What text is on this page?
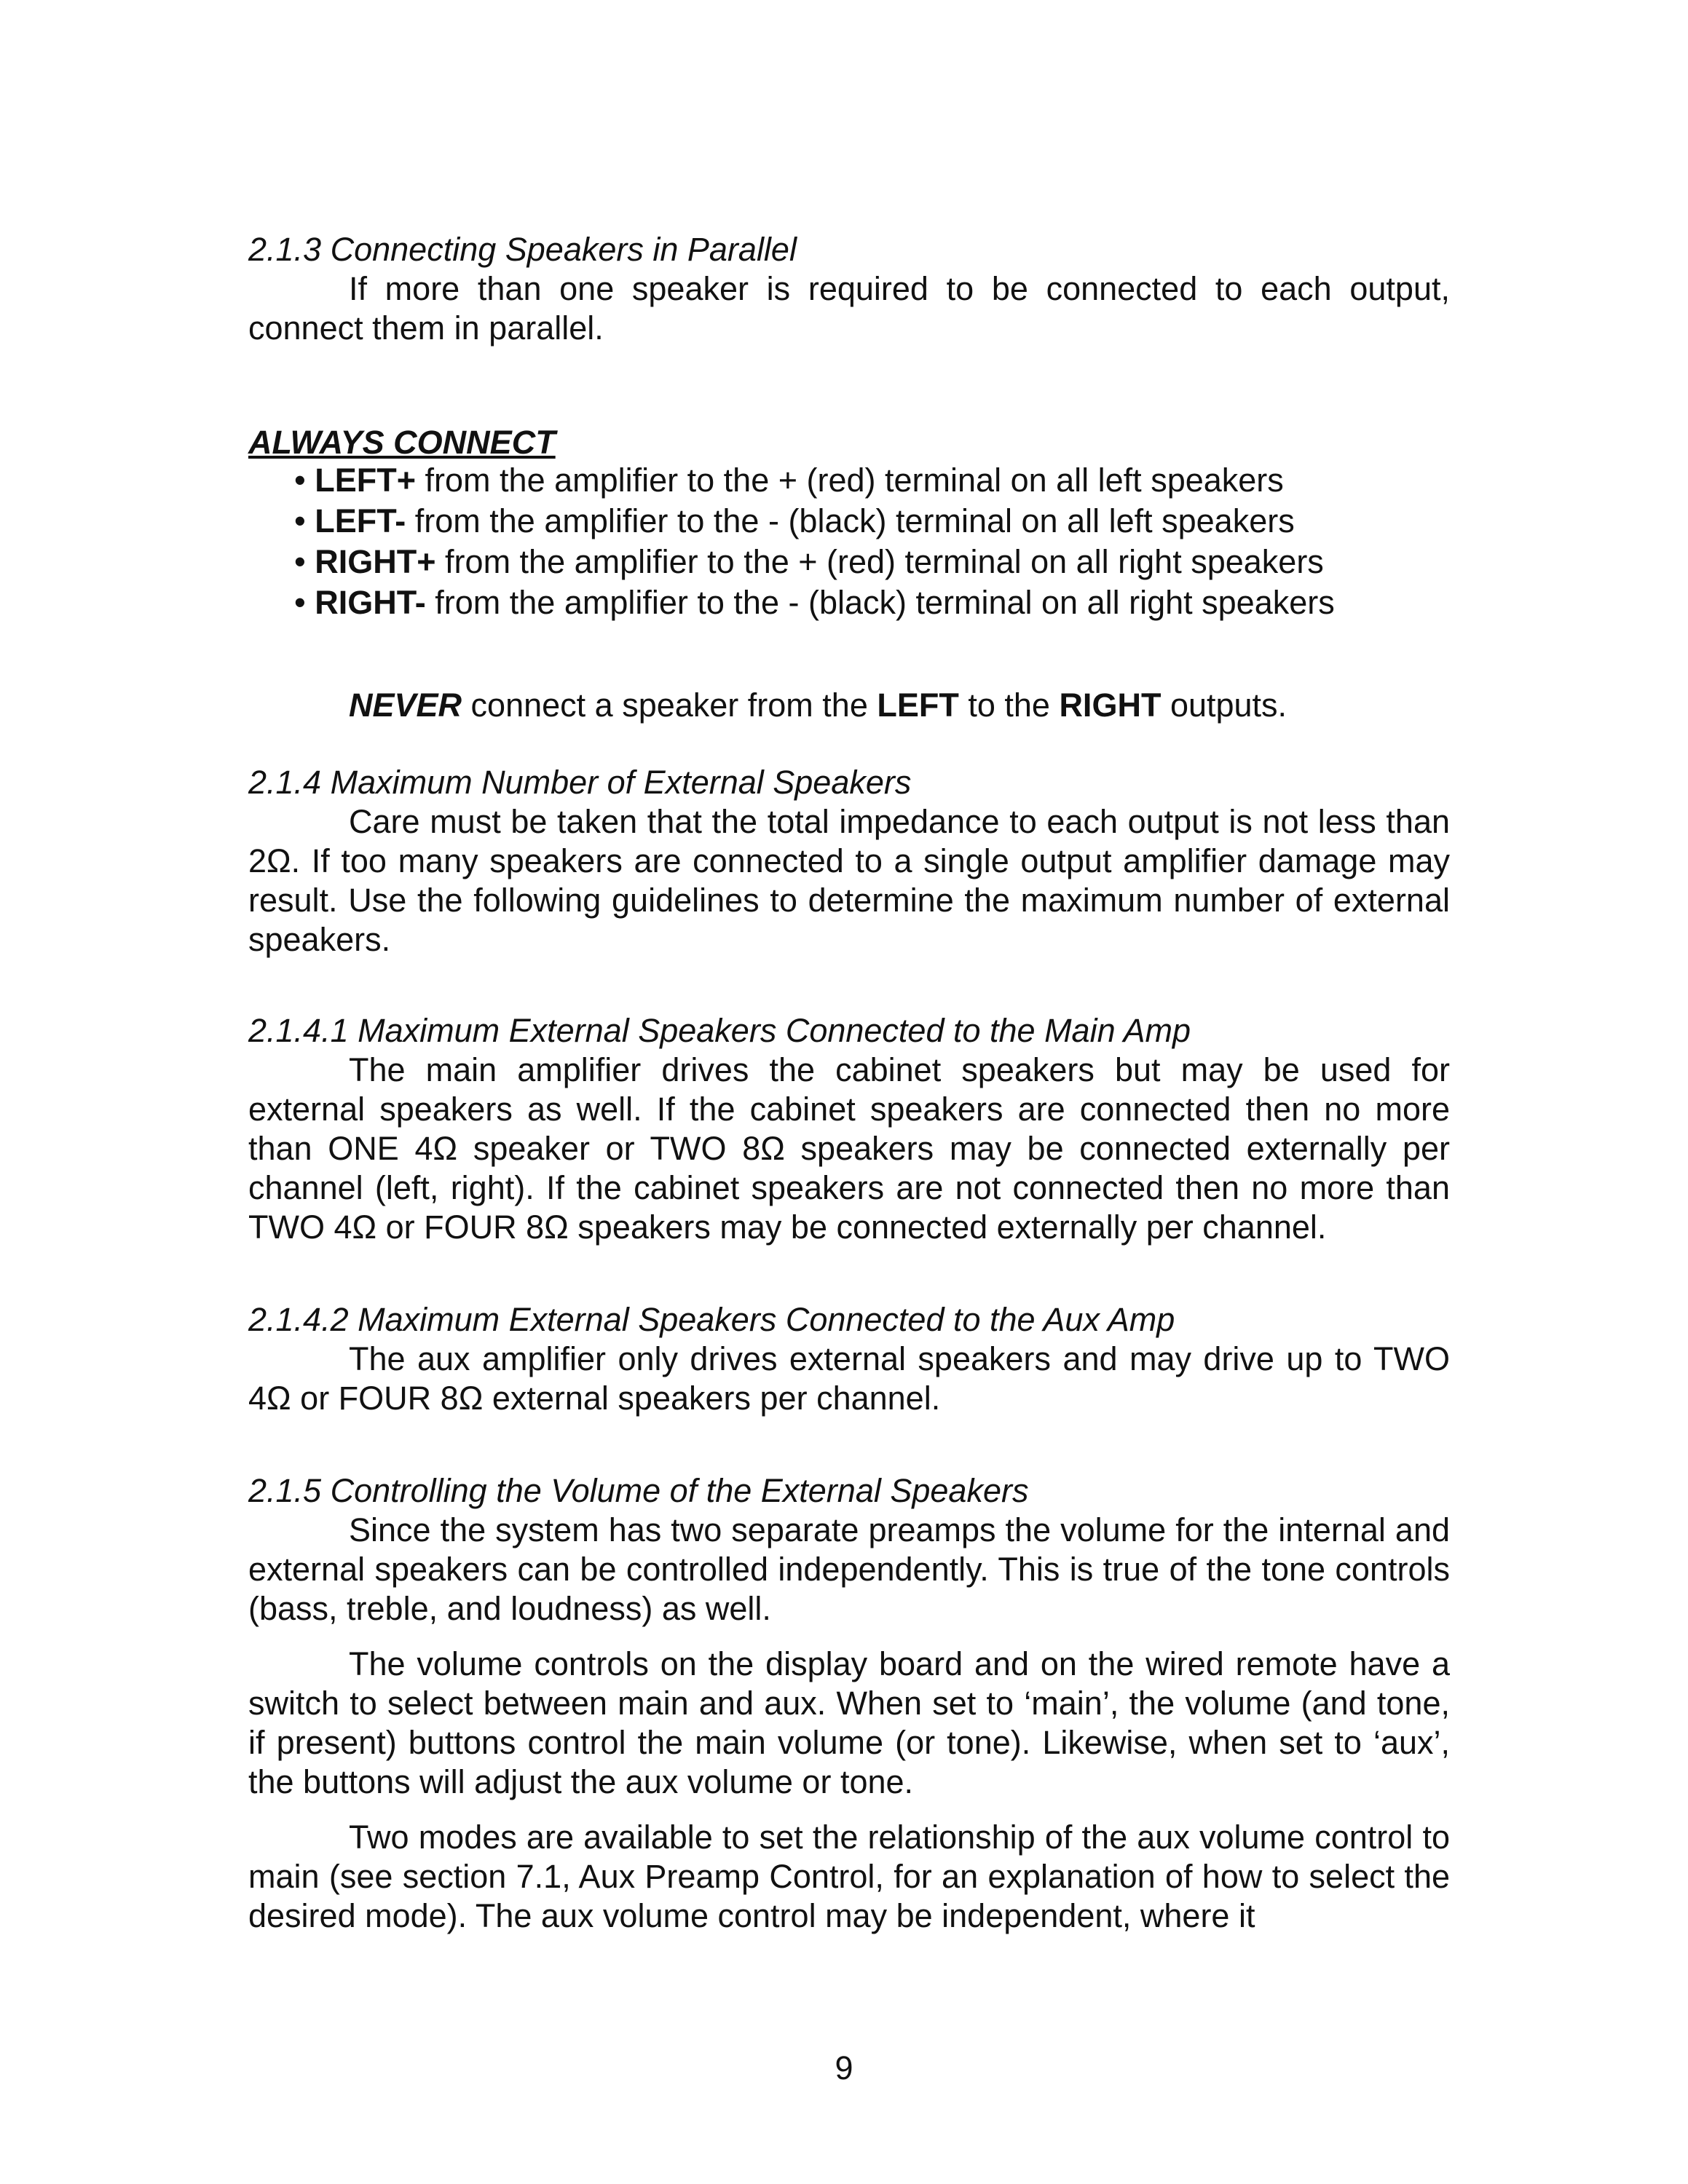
2.1.3 Connecting Speakers in Parallel

If more than one speaker is required to be connected to each output, connect them in parallel.

ALWAYS CONNECT
• LEFT+ from the amplifier to the + (red) terminal on all left speakers
• LEFT- from the amplifier to the - (black) terminal on all left speakers
• RIGHT+ from the amplifier to the + (red) terminal on all right speakers
• RIGHT- from the amplifier to the - (black) terminal on all right speakers
NEVER connect a speaker from the LEFT to the RIGHT outputs.
2.1.4 Maximum Number of External Speakers

Care must be taken that the total impedance to each output is not less than 2Ω. If too many speakers are connected to a single output amplifier damage may result. Use the following guidelines to determine the maximum number of external speakers.

2.1.4.1 Maximum External Speakers Connected to the Main Amp

The main amplifier drives the cabinet speakers but may be used for external speakers as well. If the cabinet speakers are connected then no more than ONE 4Ω speaker or TWO 8Ω speakers may be connected externally per channel (left, right). If the cabinet speakers are not connected then no more than TWO 4Ω or FOUR 8Ω speakers may be connected externally per channel.

2.1.4.2 Maximum External Speakers Connected to the Aux Amp

The aux amplifier only drives external speakers and may drive up to TWO 4Ω or FOUR 8Ω external speakers per channel.

2.1.5 Controlling the Volume of the External Speakers

Since the system has two separate preamps the volume for the internal and external speakers can be controlled independently. This is true of the tone controls (bass, treble, and loudness) as well.

The volume controls on the display board and on the wired remote have a switch to select between main and aux. When set to ‘main’, the volume (and tone, if present) buttons control the main volume (or tone). Likewise, when set to ‘aux’, the buttons will adjust the aux volume or tone.

Two modes are available to set the relationship of the aux volume control to main (see section 7.1, Aux Preamp Control, for an explanation of how to select the desired mode). The aux volume control may be independent, where it

9
